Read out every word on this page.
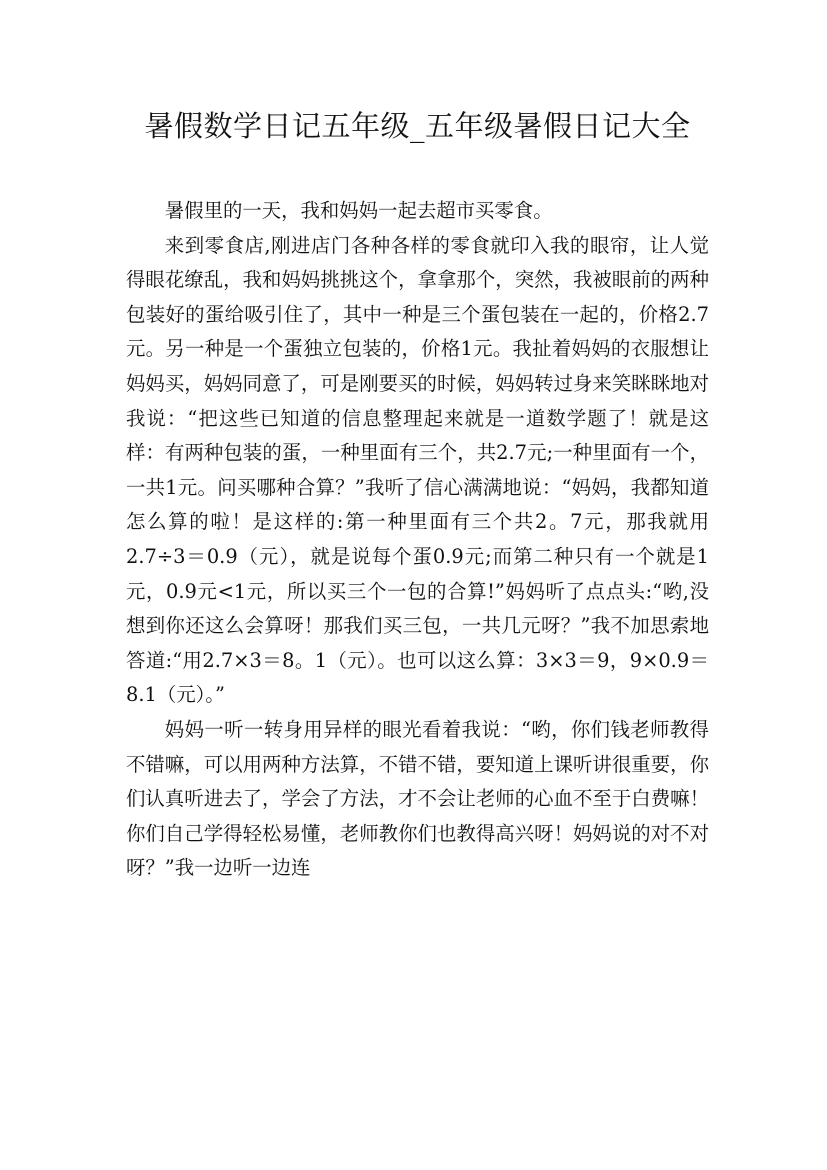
暑假数学日记五年级_五年级暑假日记大全

暑假里的一天，我和妈妈一起去超市买零食。

来到零食店,刚进店门各种各样的零食就印入我的眼帘，让人觉得眼花缭乱，我和妈妈挑挑这个，拿拿那个，突然，我被眼前的两种包装好的蛋给吸引住了，其中一种是三个蛋包装在一起的，价格2.7元。另一种是一个蛋独立包装的，价格1元。我扯着妈妈的衣服想让妈妈买，妈妈同意了，可是刚要买的时候，妈妈转过身来笑眯眯地对我说：“把这些已知道的信息整理起来就是一道数学题了！就是这样：有两种包装的蛋，一种里面有三个，共2.7元;一种里面有一个，一共1元。问买哪种合算？”我听了信心满满地说：“妈妈，我都知道怎么算的啦！是这样的:第一种里面有三个共2。7元，那我就用2.7÷3＝0.9（元），就是说每个蛋0.9元;而第二种只有一个就是1元，0.9元<1元，所以买三个一包的合算!”妈妈听了点点头:“哟,没想到你还这么会算呀！那我们买三包，一共几元呀？”我不加思索地答道:“用2.7×3＝8。1（元）。也可以这么算：3×3＝9，9×0.9＝8.1（元）。”

妈妈一听一转身用异样的眼光看着我说：“哟，你们钱老师教得不错嘛，可以用两种方法算，不错不错，要知道上课听讲很重要，你们认真听进去了，学会了方法，才不会让老师的心血不至于白费嘛！你们自己学得轻松易懂，老师教你们也教得高兴呀！妈妈说的对不对呀？”我一边听一边连
